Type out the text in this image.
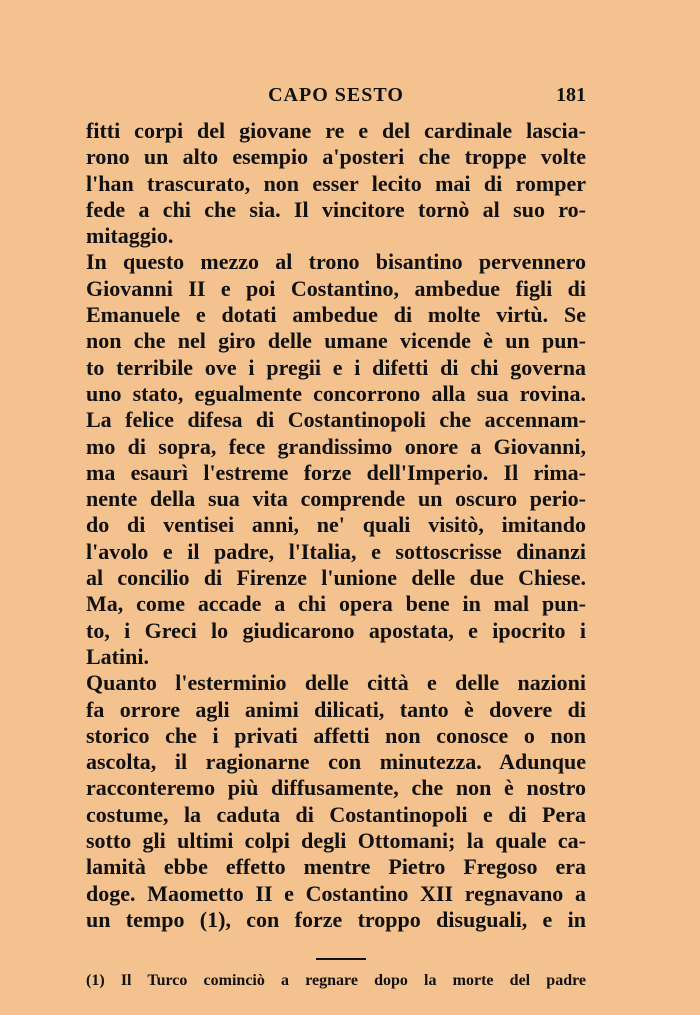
CAPO SESTO	181
fitti corpi del giovane re e del cardinale lascia-
rono un alto esempio a'posteri che troppe volte
l'han trascurato, non esser lecito mai di romper
fede a chi che sia. Il vincitore tornò al suo ro-
mitaggio.
In questo mezzo al trono bisantino pervennero
Giovanni II e poi Costantino, ambedue figli di
Emanuele e dotati ambedue di molte virtù. Se
non che nel giro delle umane vicende è un pun-
to terribile ove i pregii e i difetti di chi governa
uno stato, egualmente concorrono alla sua rovina.
La felice difesa di Costantinopoli che accennam-
mo di sopra, fece grandissimo onore a Giovanni,
ma esaurì l'estreme forze dell'Imperio. Il rima-
nente della sua vita comprende un oscuro perio-
do di ventisei anni, ne' quali visitò, imitando
l'avolo e il padre, l'Italia, e sottoscrisse dinanzi
al concilio di Firenze l'unione delle due Chiese.
Ma, come accade a chi opera bene in mal pun-
to, i Greci lo giudicarono apostata, e ipocrito i
Latini.
Quanto l'esterminio delle città e delle nazioni
fa orrore agli animi dilicati, tanto è dovere di
storico che i privati affetti non conosce o non
ascolta, il ragionarne con minutezza. Adunque
racconteremo più diffusamente, che non è nostro
costume, la caduta di Costantinopoli e di Pera
sotto gli ultimi colpi degli Ottomani; la quale ca-
lamità ebbe effetto mentre Pietro Fregoso era
doge. Maometto II e Costantino XII regnavano a
un tempo (1), con forze troppo disuguali, e in
(1) Il Turco cominciò a regnare dopo la morte del padre
